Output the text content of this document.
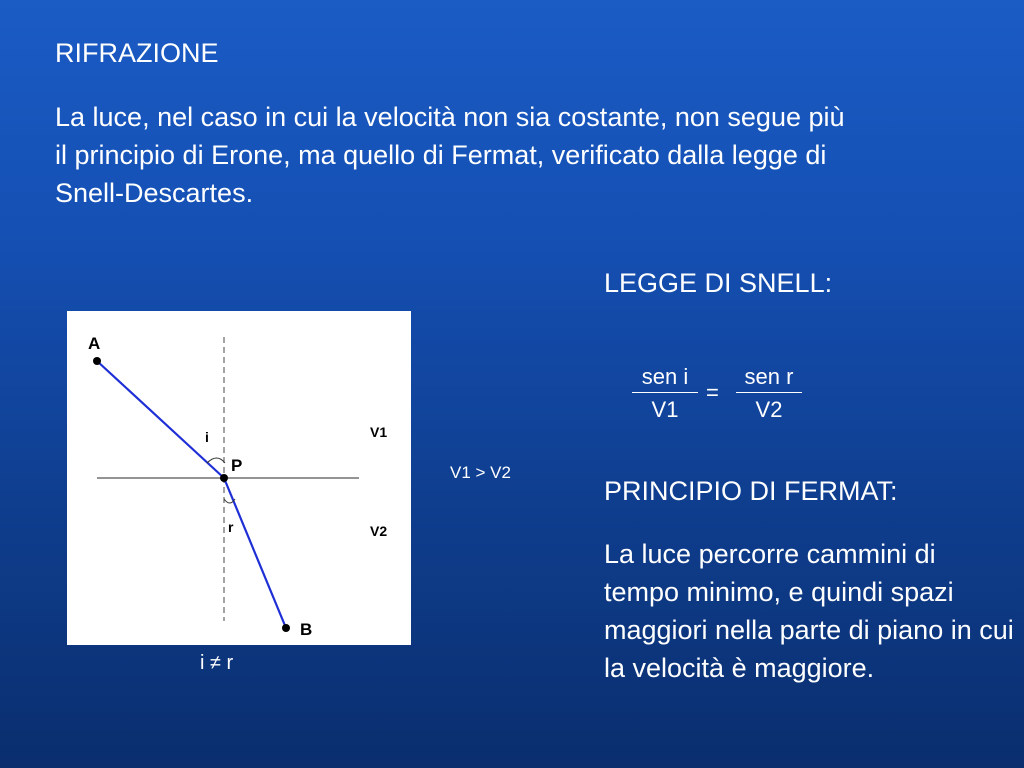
RIFRAZIONE
La luce, nel caso in cui la velocità non sia costante, non segue più il principio di Erone, ma quello di Fermat, verificato dalla legge di Snell-Descartes.
LEGGE DI SNELL:
sen i
V1
=
sen r
V2
V1 > V2
PRINCIPIO DI FERMAT:
La luce percorre cammini di tempo minimo, e quindi spazi maggiori nella parte di piano in cui la velocità è maggiore.
A
P
B
i
r
V1
V2
i ≠ r
